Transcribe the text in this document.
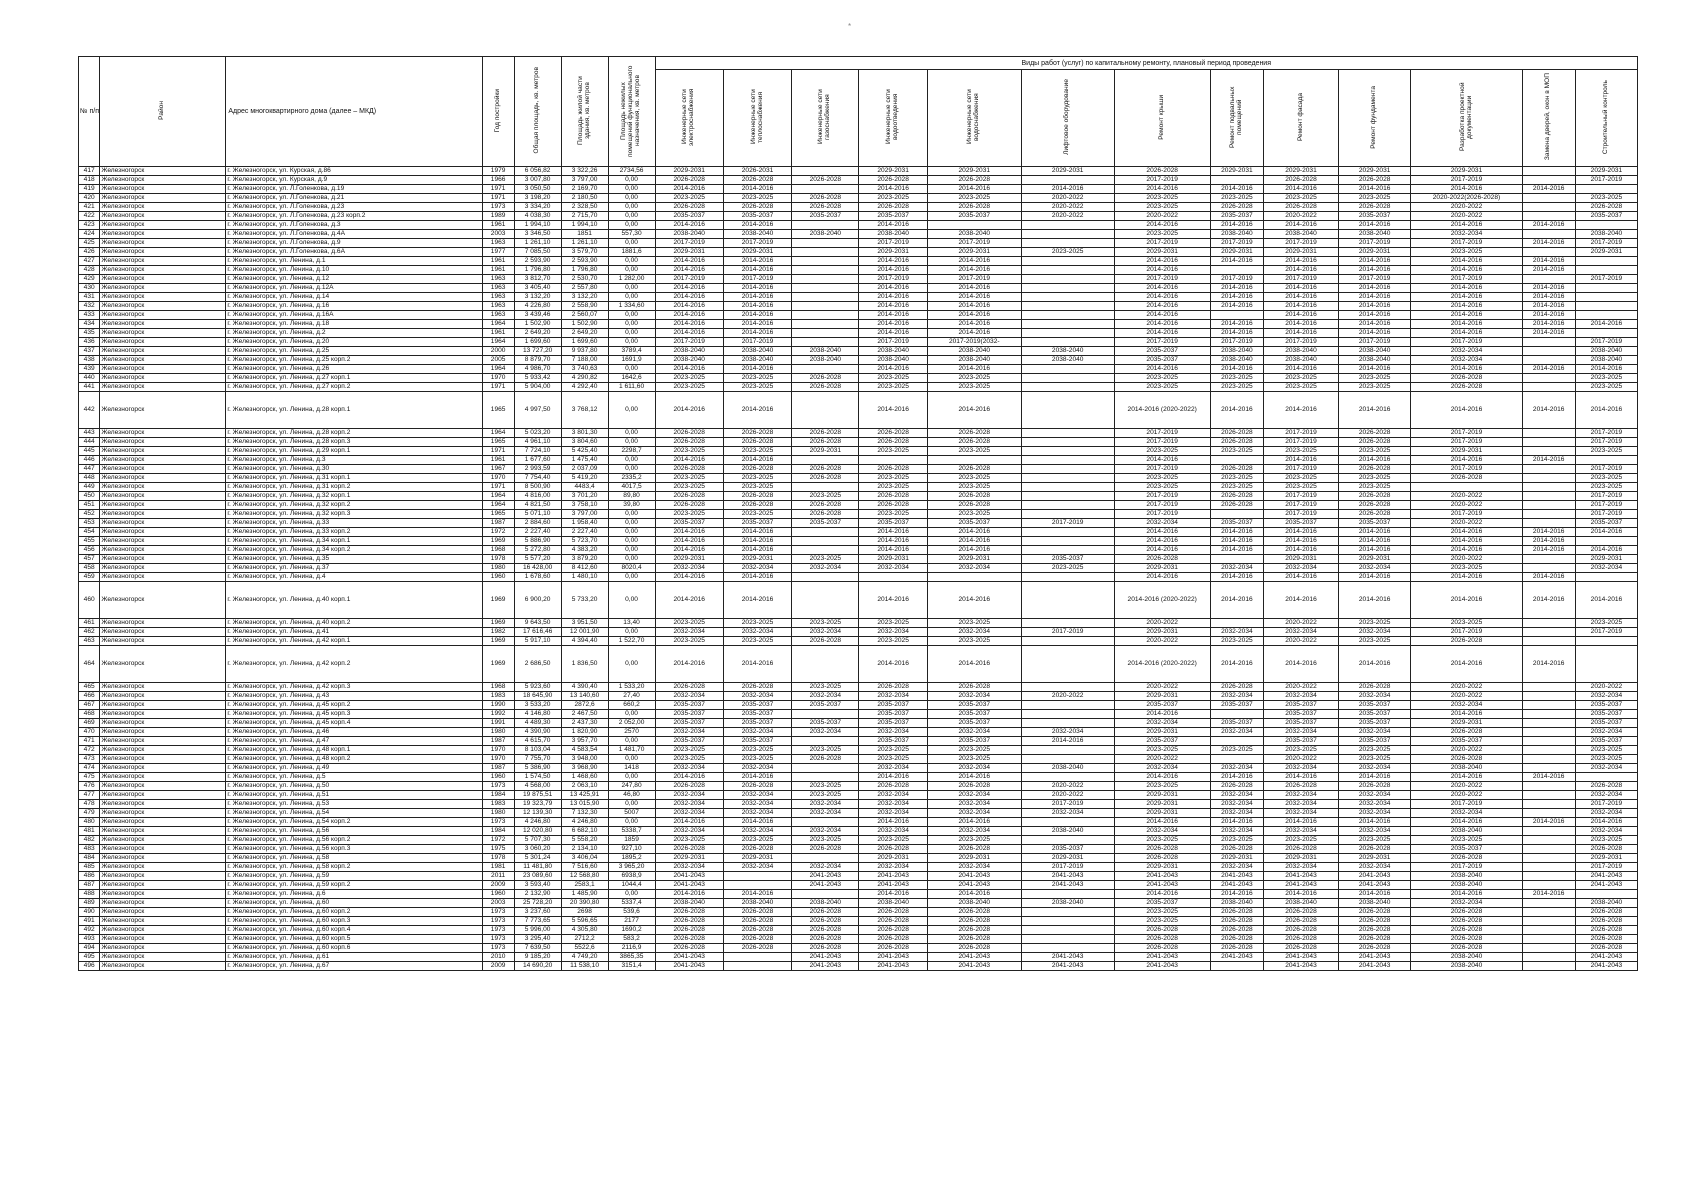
*
№ п/п	Район	Адрес многоквартирного дома (далее – МКД)	Год постройки	Общая площадь, кв. метров	Площадь жилой части здания, кв. метров	Площадь нежилых помещений функционального назначения, кв. метров	Виды работ (услуг) по капитальному ремонту, плановый период проведения												
							Инженерные сети электроснабжения	Инженерные сети теплоснабжения	Инженерные сети газоснабжения	Инженерные сети водоотведения	Инженерные сети водоснабжения	Лифтовое оборудование	Ремонт крыши	Ремонт подвальных помещений	Ремонт фасада	Ремонт фундамента	Разработка проектной документации	Замена дверей, окон в МОП	Строительный контроль
417	Железногорск	г. Железногорск, ул. Курская, д.86	1979	6 056,82	3 322,26	2734,56	2029-2031	2026-2031		2029-2031	2029-2031	2029-2031	2026-2028	2029-2031	2029-2031	2029-2031	2029-2031		2029-2031
418	Железногорск	г. Железногорск, ул. Курская, д.9	1966	3 007,80	3 797,00	0,00	2026-2028	2026-2028	2026-2028	2026-2028	2026-2028		2017-2019		2026-2028	2026-2028	2017-2019		2017-2019
419	Железногорск	г. Железногорск, ул. Л.Голенкова, д.19	1971	3 050,50	2 169,70	0,00	2014-2016	2014-2016		2014-2016	2014-2016	2014-2016	2014-2016	2014-2016	2014-2016	2014-2016	2014-2016	2014-2016	
420	Железногорск	г. Железногорск, ул. Л.Голенкова, д.21	1971	3 198,20	2 180,50	0,00	2023-2025	2023-2025	2026-2028	2023-2025	2023-2025	2020-2022	2023-2025	2023-2025	2023-2025	2023-2025	2020-2022(2026-2028)		2023-2025
421	Железногорск	г. Железногорск, ул. Л.Голенкова, д.23	1973	3 334,20	2 328,50	0,00	2026-2028	2026-2028	2026-2028	2026-2028	2026-2028	2020-2022	2023-2025	2026-2028	2026-2028	2026-2028	2020-2022		2026-2028
422	Железногорск	г. Железногорск, ул. Л.Голенкова, д.23 корп.2	1989	4 038,30	2 715,70	0,00	2035-2037	2035-2037	2035-2037	2035-2037	2035-2037	2020-2022	2020-2022	2035-2037	2020-2022	2035-2037	2020-2022		2035-2037
423	Железногорск	г. Железногорск, ул. Л.Голенкова, д.3	1961	1 994,10	1 994,10	0,00	2014-2016	2014-2016		2014-2016			2014-2016	2014-2016	2014-2016	2014-2016	2014-2016	2014-2016	
424	Железногорск	г. Железногорск, ул. Л.Голенкова, д.4А	2003	3 346,50	1851	557,30	2038-2040	2038-2040	2038-2040	2038-2040	2038-2040		2023-2025	2038-2040	2038-2040	2038-2040	2032-2034		2038-2040
425	Железногорск	г. Железногорск, ул. Л.Голенкова, д.9	1963	1 261,10	1 261,10	0,00	2017-2019	2017-2019		2017-2019	2017-2019		2017-2019	2017-2019	2017-2019	2017-2019	2017-2019	2014-2016	2017-2019
426	Железногорск	г. Железногорск, ул. Л.Голенкова, д.6А	1977	7 085,50	3 579,70	1881,6	2029-2031	2029-2031		2029-2031	2029-2031	2023-2025	2029-2031	2029-2031	2029-2031	2029-2031	2023-2025		2029-2031
427	Железногорск	г. Железногорск, ул. Ленина, д.1	1961	2 593,90	2 593,90	0,00	2014-2016	2014-2016		2014-2016	2014-2016		2014-2016	2014-2016	2014-2016	2014-2016	2014-2016	2014-2016	
428	Железногорск	г. Железногорск, ул. Ленина, д.10	1961	1 796,80	1 796,80	0,00	2014-2016	2014-2016		2014-2016	2014-2016		2014-2016		2014-2016	2014-2016	2014-2016	2014-2016	
429	Железногорск	г. Железногорск, ул. Ленина, д.12	1963	3 812,70	2 530,70	1 282,00	2017-2019	2017-2019		2017-2019	2017-2019		2017-2019	2017-2019	2017-2019	2017-2019	2017-2019		2017-2019
430	Железногорск	г. Железногорск, ул. Ленина, д.12А	1963	3 405,40	2 557,80	0,00	2014-2016	2014-2016		2014-2016	2014-2016		2014-2016	2014-2016	2014-2016	2014-2016	2014-2016	2014-2016	
431	Железногорск	г. Железногорск, ул. Ленина, д.14	1963	3 132,20	3 132,20	0,00	2014-2016	2014-2016		2014-2016	2014-2016		2014-2016	2014-2016	2014-2016	2014-2016	2014-2016	2014-2016	
432	Железногорск	г. Железногорск, ул. Ленина, д.16	1963	4 226,80	2 558,90	1 334,60	2014-2016	2014-2016		2014-2016	2014-2016		2014-2016	2014-2016	2014-2016	2014-2016	2014-2016	2014-2016	
433	Железногорск	г. Железногорск, ул. Ленина, д.16А	1963	3 439,46	2 560,07	0,00	2014-2016	2014-2016		2014-2016	2014-2016		2014-2016		2014-2016	2014-2016	2014-2016	2014-2016	
434	Железногорск	г. Железногорск, ул. Ленина, д.18	1964	1 502,90	1 502,90	0,00	2014-2016	2014-2016		2014-2016	2014-2016		2014-2016	2014-2016	2014-2016	2014-2016	2014-2016	2014-2016	2014-2016
435	Железногорск	г. Железногорск, ул. Ленина, д.2	1961	2 649,20	2 649,20	0,00	2014-2016	2014-2016		2014-2016	2014-2016		2014-2016	2014-2016	2014-2016	2014-2016	2014-2016	2014-2016	
436	Железногорск	г. Железногорск, ул. Ленина, д.20	1964	1 699,60	1 699,60	0,00	2017-2019	2017-2019		2017-2019	2017-2019(2032-		2017-2019	2017-2019	2017-2019	2017-2019	2017-2019		2017-2019
437	Железногорск	г. Железногорск, ул. Ленина, д.25	2000	13 727,20	9 937,80	3789,4	2038-2040	2038-2040	2038-2040	2038-2040	2038-2040	2038-2040	2035-2037	2038-2040	2038-2040	2038-2040	2032-2034		2038-2040
438	Железногорск	г. Железногорск, ул. Ленина, д.25 корп.2	2005	8 879,70	7 188,00	1691,9	2038-2040	2038-2040	2038-2040	2038-2040	2038-2040	2038-2040	2035-2037	2038-2040	2038-2040	2038-2040	2032-2034		2038-2040
439	Железногорск	г. Железногорск, ул. Ленина, д.26	1964	4 986,70	3 740,63	0,00	2014-2016	2014-2016		2014-2016	2014-2016		2014-2016	2014-2016	2014-2016	2014-2016	2014-2016	2014-2016	2014-2016
440	Железногорск	г. Железногорск, ул. Ленина, д.27 корп.1	1970	5 933,42	4 290,82	1642,6	2023-2025	2023-2025	2026-2028	2023-2025	2023-2025		2023-2025	2023-2025	2023-2025	2023-2025	2026-2028		2023-2025
441	Железногорск	г. Железногорск, ул. Ленина, д.27 корп.2	1971	5 904,00	4 292,40	1 611,60	2023-2025	2023-2025	2026-2028	2023-2025	2023-2025		2023-2025	2023-2025	2023-2025	2023-2025	2026-2028		2023-2025
442	Железногорск	г. Железногорск, ул. Ленина, д.28 корп.1	1965	4 997,50	3 768,12	0,00	2014-2016	2014-2016		2014-2016	2014-2016		2014-2016 (2020-2022)	2014-2016	2014-2016	2014-2016	2014-2016	2014-2016	2014-2016
443	Железногорск	г. Железногорск, ул. Ленина, д.28 корп.2	1964	5 023,20	3 801,30	0,00	2026-2028	2026-2028	2026-2028	2026-2028	2026-2028		2017-2019	2026-2028	2017-2019	2026-2028	2017-2019		2017-2019
444	Железногорск	г. Железногорск, ул. Ленина, д.28 корп.3	1965	4 961,10	3 804,60	0,00	2026-2028	2026-2028	2026-2028	2026-2028	2026-2028		2017-2019	2026-2028	2017-2019	2026-2028	2017-2019		2017-2019
445	Железногорск	г. Железногорск, ул. Ленина, д.29 корп.1	1971	7 724,10	5 425,40	2298,7	2023-2025	2023-2025	2029-2031	2023-2025	2023-2025		2023-2025	2023-2025	2023-2025	2023-2025	2029-2031		2023-2025
446	Железногорск	г. Железногорск, ул. Ленина, д.3	1961	1 677,60	1 475,40	0,00	2014-2016	2014-2016					2014-2016		2014-2016	2014-2016	2014-2016	2014-2016	
447	Железногорск	г. Железногорск, ул. Ленина, д.30	1967	2 993,59	2 037,09	0,00	2026-2028	2026-2028	2026-2028	2026-2028	2026-2028		2017-2019	2026-2028	2017-2019	2026-2028	2017-2019		2017-2019
448	Железногорск	г. Железногорск, ул. Ленина, д.31 корп.1	1970	7 754,40	5 419,20	2335,2	2023-2025	2023-2025	2026-2028	2023-2025	2023-2025		2023-2025	2023-2025	2023-2025	2023-2025	2026-2028		2023-2025
449	Железногорск	г. Железногорск, ул. Ленина, д.31 корп.2	1971	8 500,90	4483,4	4017,5	2023-2025	2023-2025		2023-2025	2023-2025		2023-2025	2023-2025	2023-2025	2023-2025			2023-2025
450	Железногорск	г. Железногорск, ул. Ленина, д.32 корп.1	1964	4 816,00	3 701,20	89,80	2026-2028	2026-2028	2023-2025	2026-2028	2026-2028		2017-2019	2026-2028	2017-2019	2026-2028	2020-2022		2017-2019
451	Железногорск	г. Железногорск, ул. Ленина, д.32 корп.2	1964	4 821,50	3 758,10	39,80	2026-2028	2026-2028	2026-2028	2026-2028	2026-2028		2017-2019	2026-2028	2017-2019	2026-2028	2020-2022		2017-2019
452	Железногорск	г. Железногорск, ул. Ленина, д.32 корп.3	1965	5 071,10	3 797,00	0,00	2023-2025	2023-2025	2026-2028	2023-2025	2023-2025		2017-2019		2017-2019	2026-2028	2017-2019		2017-2019
453	Железногорск	г. Железногорск, ул. Ленина, д.33	1987	2 884,60	1 958,40	0,00	2035-2037	2035-2037	2035-2037	2035-2037	2035-2037	2017-2019	2032-2034	2035-2037	2035-2037	2035-2037	2020-2022		2035-2037
454	Железногорск	г. Железногорск, ул. Ленина, д.33 корп.2	1972	2 227,40	2 227,40	0,00	2014-2016	2014-2016		2014-2016	2014-2016		2014-2016	2014-2016	2014-2016	2014-2016	2014-2016	2014-2016	2014-2016
455	Железногорск	г. Железногорск, ул. Ленина, д.34 корп.1	1969	5 886,90	5 723,70	0,00	2014-2016	2014-2016		2014-2016	2014-2016		2014-2016	2014-2016	2014-2016	2014-2016	2014-2016	2014-2016	
456	Железногорск	г. Железногорск, ул. Ленина, д.34 корп.2	1968	5 272,80	4 383,20	0,00	2014-2016	2014-2016		2014-2016	2014-2016		2014-2016	2014-2016	2014-2016	2014-2016	2014-2016	2014-2016	2014-2016
457	Железногорск	г. Железногорск, ул. Ленина, д.35	1978	5 577,20	3 879,20	0,00	2029-2031	2029-2031	2023-2025	2029-2031	2029-2031	2035-2037	2026-2028		2029-2031	2029-2031	2020-2022		2029-2031
458	Железногорск	г. Железногорск, ул. Ленина, д.37	1980	16 428,00	8 412,60	8020,4	2032-2034	2032-2034	2032-2034	2032-2034	2032-2034	2023-2025	2029-2031	2032-2034	2032-2034	2032-2034	2023-2025		2032-2034
459	Железногорск	г. Железногорск, ул. Ленина, д.4	1960	1 678,60	1 480,10	0,00	2014-2016	2014-2016					2014-2016	2014-2016	2014-2016	2014-2016	2014-2016	2014-2016	
460	Железногорск	г. Железногорск, ул. Ленина, д.40 корп.1	1969	6 900,20	5 733,20	0,00	2014-2016	2014-2016		2014-2016	2014-2016		2014-2016 (2020-2022)	2014-2016	2014-2016	2014-2016	2014-2016	2014-2016	2014-2016
461	Железногорск	г. Железногорск, ул. Ленина, д.40 корп.2	1969	9 643,50	3 951,50	13,40	2023-2025	2023-2025	2023-2025	2023-2025	2023-2025		2020-2022		2020-2022	2023-2025	2023-2025		2023-2025
462	Железногорск	г. Железногорск, ул. Ленина, д.41	1982	17 616,46	12 001,90	0,00	2032-2034	2032-2034	2032-2034	2032-2034	2032-2034	2017-2019	2029-2031	2032-2034	2032-2034	2032-2034	2017-2019		2017-2019
463	Железногорск	г. Железногорск, ул. Ленина, д.42 корп.1	1969	5 917,10	4 394,40	1 522,70	2023-2025	2023-2025	2026-2028	2023-2025	2023-2025		2020-2022	2023-2025	2020-2022	2023-2025	2026-2028		
464	Железногорск	г. Железногорск, ул. Ленина, д.42 корп.2	1969	2 686,50	1 836,50	0,00	2014-2016	2014-2016		2014-2016	2014-2016		2014-2016 (2020-2022)	2014-2016	2014-2016	2014-2016	2014-2016	2014-2016	
465	Железногорск	г. Железногорск, ул. Ленина, д.42 корп.3	1968	5 923,60	4 390,40	1 533,20	2026-2028	2026-2028	2023-2025	2026-2028	2026-2028		2020-2022	2026-2028	2020-2022	2026-2028	2020-2022		2020-2022
466	Железногорск	г. Железногорск, ул. Ленина, д.43	1983	18 645,90	13 140,60	27,40	2032-2034	2032-2034	2032-2034	2032-2034	2032-2034	2020-2022	2029-2031	2032-2034	2032-2034	2032-2034	2020-2022		2032-2034
467	Железногорск	г. Железногорск, ул. Ленина, д.45 корп.2	1990	3 533,20	2872,6	660,2	2035-2037	2035-2037	2035-2037	2035-2037	2035-2037		2035-2037	2035-2037	2035-2037	2035-2037	2032-2034		2035-2037
468	Железногорск	г. Железногорск, ул. Ленина, д.45 корп.3	1992	4 146,80	2 467,50	0,00	2035-2037	2035-2037		2035-2037	2035-2037		2014-2016		2035-2037	2035-2037	2014-2016		2035-2037
469	Железногорск	г. Железногорск, ул. Ленина, д.45 корп.4	1991	4 489,30	2 437,30	2 052,00	2035-2037	2035-2037	2035-2037	2035-2037	2035-2037		2032-2034	2035-2037	2035-2037	2035-2037	2029-2031		2035-2037
470	Железногорск	г. Железногорск, ул. Ленина, д.46	1980	4 390,90	1 820,90	2570	2032-2034	2032-2034	2032-2034	2032-2034	2032-2034	2032-2034	2029-2031	2032-2034	2032-2034	2032-2034	2026-2028		2032-2034
471	Железногорск	г. Железногорск, ул. Ленина, д.47	1987	4 615,70	3 957,70	0,00	2035-2037	2035-2037		2035-2037	2035-2037	2014-2016	2035-2037		2035-2037	2035-2037	2035-2037		2035-2037
472	Железногорск	г. Железногорск, ул. Ленина, д.48 корп.1	1970	8 103,04	4 583,54	1 481,70	2023-2025	2023-2025	2023-2025	2023-2025	2023-2025		2023-2025	2023-2025	2023-2025	2023-2025	2020-2022		2023-2025
473	Железногорск	г. Железногорск, ул. Ленина, д.48 корп.2	1970	7 755,70	3 948,00	0,00	2023-2025	2023-2025	2026-2028	2023-2025	2023-2025		2020-2022		2020-2022	2023-2025	2026-2028		2023-2025
474	Железногорск	г. Железногорск, ул. Ленина, д.49	1987	5 386,90	3 968,90	1418	2032-2034	2032-2034		2032-2034	2032-2034	2038-2040	2032-2034	2032-2034	2032-2034	2032-2034	2038-2040		2032-2034
475	Железногорск	г. Железногорск, ул. Ленина, д.5	1960	1 574,50	1 468,60	0,00	2014-2016	2014-2016		2014-2016	2014-2016		2014-2016	2014-2016	2014-2016	2014-2016	2014-2016	2014-2016	
476	Железногорск	г. Железногорск, ул. Ленина, д.50	1973	4 568,00	2 063,10	247,80	2026-2028	2026-2028	2023-2025	2026-2028	2026-2028	2020-2022	2023-2025	2026-2028	2026-2028	2026-2028	2020-2022		2026-2028
477	Железногорск	г. Железногорск, ул. Ленина, д.51	1984	19 875,51	13 425,91	46,80	2032-2034	2032-2034	2023-2025	2032-2034	2032-2034	2020-2022	2029-2031	2032-2034	2032-2034	2032-2034	2020-2022		2032-2034
478	Железногорск	г. Железногорск, ул. Ленина, д.53	1983	19 323,79	13 015,90	0,00	2032-2034	2032-2034	2032-2034	2032-2034	2032-2034	2017-2019	2029-2031	2032-2034	2032-2034	2032-2034	2017-2019		2017-2019
479	Железногорск	г. Железногорск, ул. Ленина, д.54	1980	12 139,30	7 132,30	5007	2032-2034	2032-2034	2032-2034	2032-2034	2032-2034	2032-2034	2029-2031	2032-2034	2032-2034	2032-2034	2032-2034		2032-2034
480	Железногорск	г. Железногорск, ул. Ленина, д.54 корп.2	1973	4 246,80	4 246,80	0,00	2014-2016	2014-2016		2014-2016	2014-2016		2014-2016	2014-2016	2014-2016	2014-2016	2014-2016	2014-2016	2014-2016
481	Железногорск	г. Железногорск, ул. Ленина, д.56	1984	12 020,80	6 682,10	5338,7	2032-2034	2032-2034	2032-2034	2032-2034	2032-2034	2038-2040	2032-2034	2032-2034	2032-2034	2032-2034	2038-2040		2032-2034
482	Железногорск	г. Железногорск, ул. Ленина, д.56 корп.2	1972	5 707,30	5 558,20	1859	2023-2025	2023-2025	2023-2025	2023-2025	2023-2025		2023-2025	2023-2025	2023-2025	2023-2025	2023-2025		2023-2025
483	Железногорск	г. Железногорск, ул. Ленина, д.56 корп.3	1975	3 060,20	2 134,10	927,10	2026-2028	2026-2028	2026-2028	2026-2028	2026-2028	2035-2037	2026-2028	2026-2028	2026-2028	2026-2028	2035-2037		2026-2028
484	Железногорск	г. Железногорск, ул. Ленина, д.58	1978	5 301,24	3 406,04	1895,2	2029-2031	2029-2031		2029-2031	2029-2031	2029-2031	2026-2028	2029-2031	2029-2031	2029-2031	2026-2028		2029-2031
485	Железногорск	г. Железногорск, ул. Ленина, д.58 корп.2	1981	11 481,80	7 516,60	3 965,20	2032-2034	2032-2034	2032-2034	2032-2034	2032-2034	2017-2019	2029-2031	2032-2034	2032-2034	2032-2034	2017-2019		2017-2019
486	Железногорск	г. Железногорск, ул. Ленина, д.59	2011	23 089,60	12 568,80	6938,9	2041-2043		2041-2043	2041-2043	2041-2043	2041-2043	2041-2043	2041-2043	2041-2043	2041-2043	2038-2040		2041-2043
487	Железногорск	г. Железногорск, ул. Ленина, д.59 корп.2	2009	3 593,40	2583,1	1044,4	2041-2043		2041-2043	2041-2043	2041-2043	2041-2043	2041-2043	2041-2043	2041-2043	2041-2043	2038-2040		2041-2043
488	Железногорск	г. Железногорск, ул. Ленина, д.6	1960	2 132,90	1 485,90	0,00	2014-2016	2014-2016		2014-2016	2014-2016		2014-2016	2014-2016	2014-2016	2014-2016	2014-2016	2014-2016	
489	Железногорск	г. Железногорск, ул. Ленина, д.60	2003	25 728,20	20 390,80	5337,4	2038-2040	2038-2040	2038-2040	2038-2040	2038-2040	2038-2040	2035-2037	2038-2040	2038-2040	2038-2040	2032-2034		2038-2040
490	Железногорск	г. Железногорск, ул. Ленина, д.60 корп.2	1973	3 237,60	2698	539,6	2026-2028	2026-2028	2026-2028	2026-2028	2026-2028		2023-2025	2026-2028	2026-2028	2026-2028	2026-2028		2026-2028
491	Железногорск	г. Железногорск, ул. Ленина, д.60 корп.3	1973	7 773,65	5 596,65	2177	2026-2028	2026-2028	2026-2028	2026-2028	2026-2028		2023-2025	2026-2028	2026-2028	2026-2028	2026-2028		2026-2028
492	Железногорск	г. Железногорск, ул. Ленина, д.60 корп.4	1973	5 996,00	4 305,80	1690,2	2026-2028	2026-2028	2026-2028	2026-2028	2026-2028		2026-2028	2026-2028	2026-2028	2026-2028	2026-2028		2026-2028
493	Железногорск	г. Железногорск, ул. Ленина, д.60 корп.5	1973	3 295,40	2712,2	583,2	2026-2028	2026-2028	2026-2028	2026-2028	2026-2028		2026-2028	2026-2028	2026-2028	2026-2028	2026-2028		2026-2028
494	Железногорск	г. Железногорск, ул. Ленина, д.60 корп.6	1973	7 639,50	5522,6	2116,9	2026-2028	2026-2028	2026-2028	2026-2028	2026-2028		2026-2028	2026-2028	2026-2028	2026-2028	2026-2028		2026-2028
495	Железногорск	г. Железногорск, ул. Ленина, д.61	2010	9 185,20	4 749,20	3865,35	2041-2043		2041-2043	2041-2043	2041-2043	2041-2043	2041-2043	2041-2043	2041-2043	2041-2043	2038-2040		2041-2043
496	Железногорск	г. Железногорск, ул. Ленина, д.67	2009	14 690,20	11 538,10	3151,4	2041-2043		2041-2043	2041-2043	2041-2043	2041-2043	2041-2043		2041-2043	2041-2043	2038-2040		2041-2043
